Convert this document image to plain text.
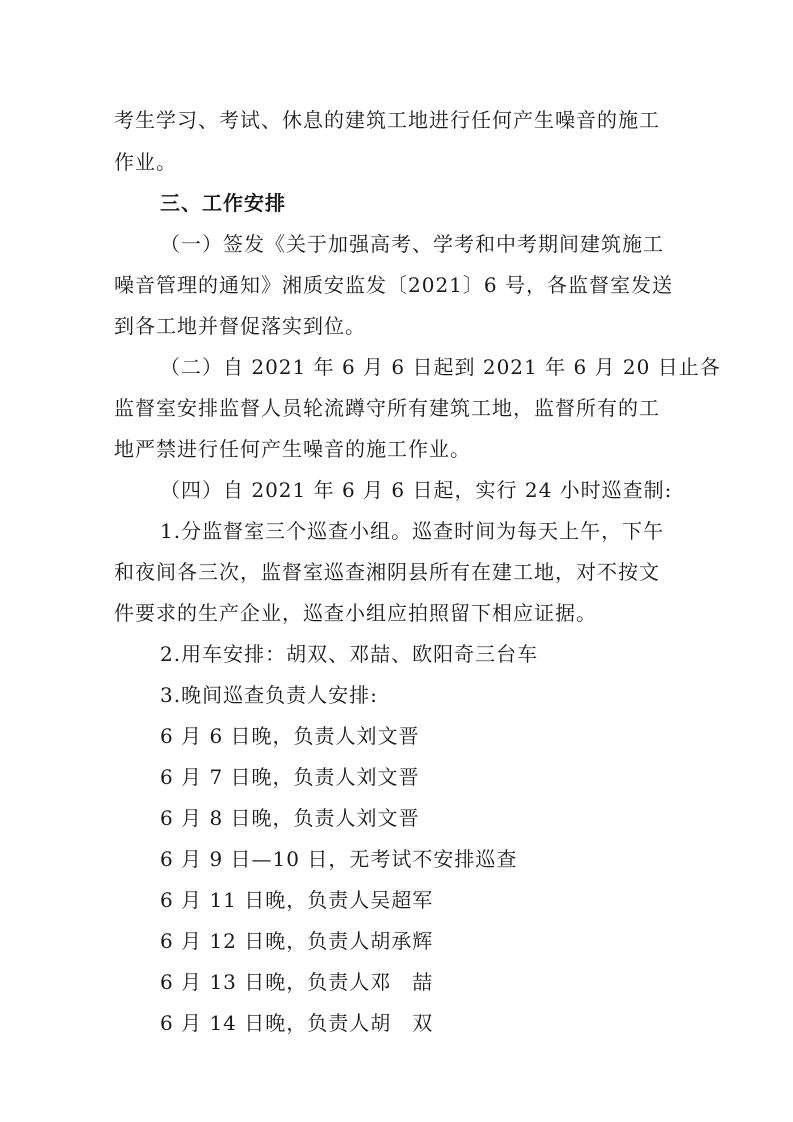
考生学习、考试、休息的建筑工地进行任何产生噪音的施工
作业。
三、工作安排
（一）签发《关于加强高考、学考和中考期间建筑施工
噪音管理的通知》湘质安监发〔2021〕6 号，各监督室发送
到各工地并督促落实到位。
（二）自 2021 年 6 月 6 日起到 2021 年 6 月 20 日止各
监督室安排监督人员轮流蹲守所有建筑工地，监督所有的工
地严禁进行任何产生噪音的施工作业。
（四）自 2021 年 6 月 6 日起，实行 24 小时巡查制:
1.分监督室三个巡查小组。巡查时间为每天上午，下午
和夜间各三次，监督室巡查湘阴县所有在建工地，对不按文
件要求的生产企业，巡查小组应拍照留下相应证据。
2.用车安排：胡双、邓喆、欧阳奇三台车
3.晚间巡查负责人安排:
6 月 6 日晚，负责人刘文晋
6 月 7 日晚，负责人刘文晋
6 月 8 日晚，负责人刘文晋
6 月 9 日—10 日，无考试不安排巡查
6 月 11 日晚，负责人吴超军
6 月 12 日晚，负责人胡承辉
6 月 13 日晚，负责人邓　喆
6 月 14 日晚，负责人胡　双
